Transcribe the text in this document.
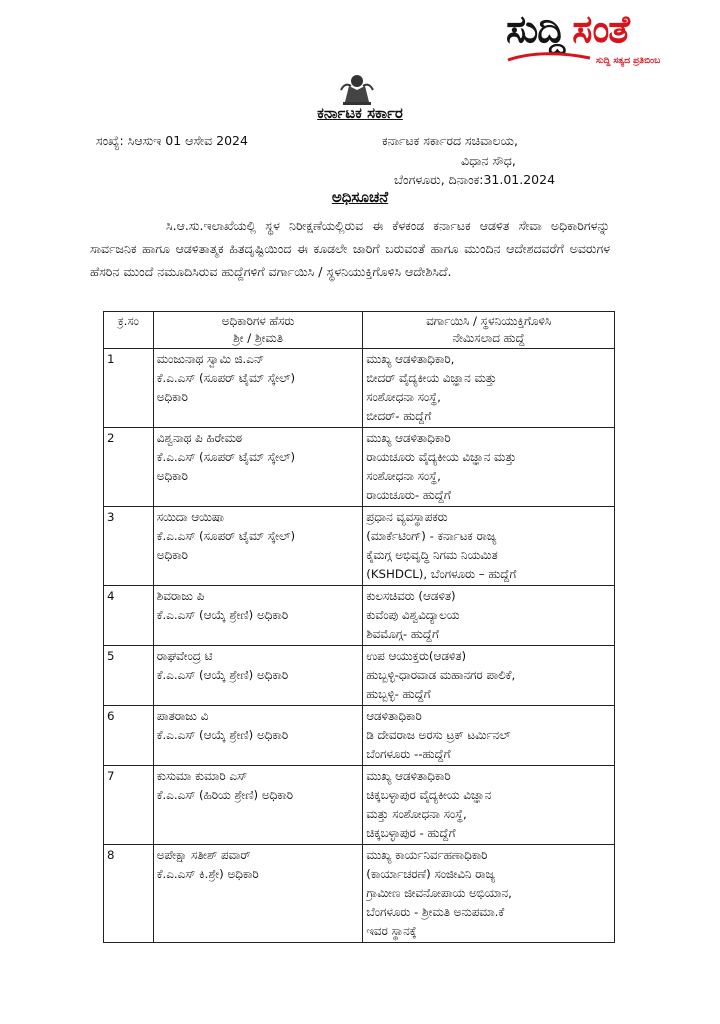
ಸುದ್ದಿ ಸಂತೆ
ಸುದ್ದಿ ಸತ್ಯದ ಪ್ರತಿಬಿಂಬ
ಕರ್ನಾಟಕ ಸರ್ಕಾರ
ಸಂಖ್ಯೆ: ಸಿಆಸುಇ 01 ಆಸೇವ 2024	ಕರ್ನಾಟಕ ಸರ್ಕಾರದ ಸಚಿವಾಲಯ,
ವಿಧಾನ ಸೌಧ,
ಬೆಂಗಳೂರು, ದಿನಾಂಕ:31.01.2024
ಅಧಿಸೂಚನೆ
ಸಿ.ಆ.ಸು.ಇಲಾಖೆಯಲ್ಲಿ ಸ್ಥಳ ನಿರೀಕ್ಷಣೆಯಲ್ಲಿರುವ ಈ ಕೆಳಕಂಡ ಕರ್ನಾಟಕ ಆಡಳಿತ ಸೇವಾ ಅಧಿಕಾರಿಗಳನ್ನು ಸಾರ್ವಜನಿಕ ಹಾಗೂ ಆಡಳಿತಾತ್ಮಕ ಹಿತದೃಷ್ಟಿಯಿಂದ ಈ ಕೂಡಲೇ ಜಾರಿಗೆ ಬರುವಂತೆ ಹಾಗೂ ಮುಂದಿನ ಆದೇಶದವರೆಗೆ ಅವರುಗಳ ಹೆಸರಿನ ಮುಂದೆ ನಮೂದಿಸಿರುವ ಹುದ್ದೆಗಳಿಗೆ ವರ್ಗಾಯಿಸಿ / ಸ್ಥಳನಿಯುಕ್ತಿಗೊಳಿಸಿ ಆದೇಶಿಸಿದೆ.
ಕ್ರ.ಸಂ	ಅಧಿಕಾರಿಗಳ ಹೆಸರು
ಶ್ರೀ / ಶ್ರೀಮತಿ	ವರ್ಗಾಯಿಸಿ / ಸ್ಥಳನಿಯುಕ್ತಿಗೊಳಿಸಿ
ನೇಮಿಸಲಾದ ಹುದ್ದೆ

1	ಮಂಜುನಾಥ ಸ್ವಾಮಿ ಜಿ.ಎನ್
ಕೆ.ಎ.ಎಸ್ (ಸೂಪರ್ ಟೈಮ್ ಸ್ಕೇಲ್)
ಅಧಿಕಾರಿ	ಮುಖ್ಯ ಆಡಳಿತಾಧಿಕಾರಿ,
ಬೀದರ್ ವೈದ್ಯಕೀಯ ವಿಜ್ಞಾನ ಮತ್ತು
ಸಂಶೋಧನಾ ಸಂಸ್ಥೆ,
ಬೀದರ್- ಹುದ್ದೆಗೆ

2	ವಿಶ್ವನಾಥ ಪಿ ಹಿರೇಮಠ
ಕೆ.ಎ.ಎಸ್ (ಸೂಪರ್ ಟೈಮ್ ಸ್ಕೇಲ್)
ಅಧಿಕಾರಿ	ಮುಖ್ಯ ಆಡಳಿತಾಧಿಕಾರಿ
ರಾಯಚೂರು ವೈದ್ಯಕೀಯ ವಿಜ್ಞಾನ ಮತ್ತು
ಸಂಶೋಧನಾ ಸಂಸ್ಥೆ,
ರಾಯಚೂರು- ಹುದ್ದೆಗೆ

3	ಸಯಿದಾ ಆಯಿಷಾ
ಕೆ.ಎ.ಎಸ್ (ಸೂಪರ್ ಟೈಮ್ ಸ್ಕೇಲ್)
ಅಧಿಕಾರಿ	ಪ್ರಧಾನ ವ್ಯವಸ್ಥಾಪಕರು
(ಮಾರ್ಕೆಟಿಂಗ್) - ಕರ್ನಾಟಕ ರಾಜ್ಯ
ಕೈಮಗ್ಗ ಅಭಿವೃದ್ಧಿ ನಿಗಮ ನಿಯಮಿತ
(KSHDCL), ಬೆಂಗಳೂರು – ಹುದ್ದೆಗೆ

4	ಶಿವರಾಜು ಪಿ
ಕೆ.ಎ.ಎಸ್ (ಆಯ್ಕೆ ಶ್ರೇಣಿ) ಅಧಿಕಾರಿ	ಕುಲಸಚಿವರು (ಆಡಳಿತ)
ಕುವೆಂಪು ವಿಶ್ವವಿದ್ಯಾಲಯ
ಶಿವಮೊಗ್ಗ- ಹುದ್ದೆಗೆ

5	ರಾಘವೇಂದ್ರ ಟಿ
ಕೆ.ಎ.ಎಸ್ (ಆಯ್ಕೆ ಶ್ರೇಣಿ) ಅಧಿಕಾರಿ	ಉಪ ಆಯುಕ್ತರು(ಆಡಳಿತ)
ಹುಬ್ಬಳ್ಳಿ-ಧಾರವಾಡ ಮಹಾನಗರ ಪಾಲಿಕೆ,
ಹುಬ್ಬಳ್ಳಿ- ಹುದ್ದೆಗೆ

6	ಪಾತರಾಜು ವಿ
ಕೆ.ಎ.ಎಸ್ (ಆಯ್ಕೆ ಶ್ರೇಣಿ) ಅಧಿಕಾರಿ	ಆಡಳಿತಾಧಿಕಾರಿ
ಡಿ ದೇವರಾಜ ಅರಸು ಟ್ರಕ್ ಟರ್ಮಿನಲ್
ಬೆಂಗಳೂರು --ಹುದ್ದೆಗೆ

7	ಕುಸುಮಾ ಕುಮಾರಿ ಎಸ್
ಕೆ.ಎ.ಎಸ್ (ಹಿರಿಯ ಶ್ರೇಣಿ) ಅಧಿಕಾರಿ	ಮುಖ್ಯ ಆಡಳಿತಾಧಿಕಾರಿ
ಚಿಕ್ಕಬಳ್ಳಾಪುರ ವೈದ್ಯಕೀಯ ವಿಜ್ಞಾನ
ಮತ್ತು ಸಂಶೋಧನಾ ಸಂಸ್ಥೆ,
ಚಿಕ್ಕಬಳ್ಳಾಪುರ - ಹುದ್ದೆಗೆ

8	ಅಪೇಕ್ಷಾ ಸತೀಶ್ ಪವಾರ್
ಕೆ.ಎ.ಎಸ್ ಕಿ.ಶ್ರೇ) ಅಧಿಕಾರಿ	ಮುಖ್ಯ ಕಾರ್ಯನಿರ್ವಹಣಾಧಿಕಾರಿ
(ಕಾರ್ಯಾಚರಣೆ) ಸಂಜೀವಿನಿ ರಾಜ್ಯ
ಗ್ರಾಮೀಣ ಜೀವನೋಪಾಯ ಅಭಿಯಾನ,
ಬೆಂಗಳೂರು - ಶ್ರೀಮತಿ ಅನುಪಮಾ.ಕೆ
ಇವರ ಸ್ಥಾನಕ್ಕೆ
